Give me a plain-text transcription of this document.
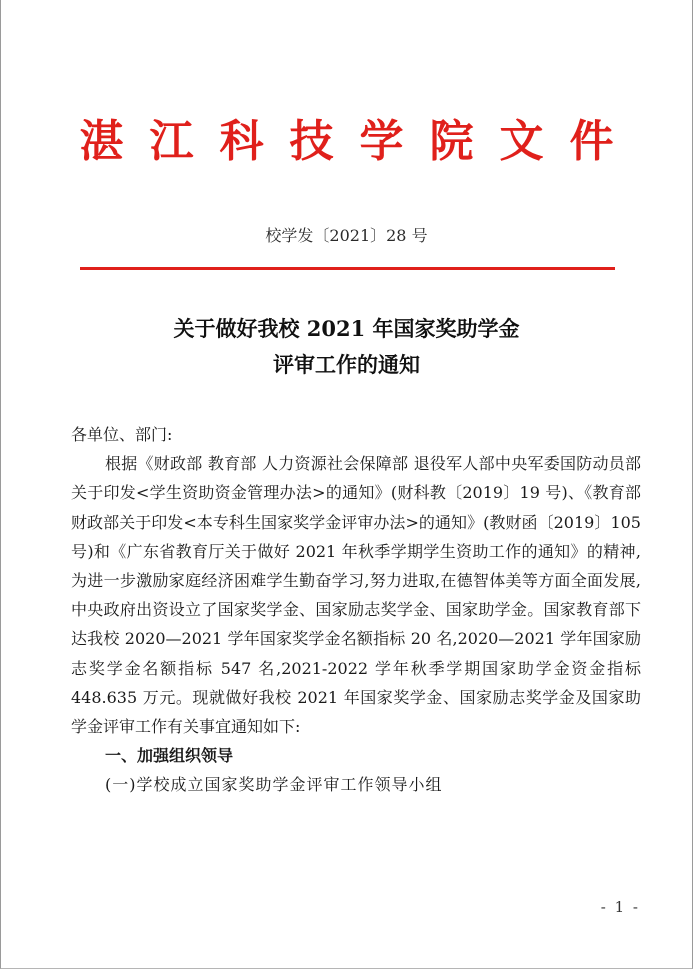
湛江科技学院文件
校学发〔2021〕28 号
关于做好我校 2021 年国家奖助学金
评审工作的通知

各单位、部门:

根据《财政部 教育部 人力资源社会保障部 退役军人部中央军委国防动员部关于印发<学生资助资金管理办法>的通知》(财科教〔2019〕19 号)、《教育部 财政部关于印发<本专科生国家奖学金评审办法>的通知》(教财函〔2019〕105 号)和《广东省教育厅关于做好 2021 年秋季学期学生资助工作的通知》的精神,为进一步激励家庭经济困难学生勤奋学习,努力进取,在德智体美等方面全面发展,中央政府出资设立了国家奖学金、国家励志奖学金、国家助学金。国家教育部下达我校 2020—2021 学年国家奖学金名额指标 20 名,2020—2021 学年国家励志奖学金名额指标 547 名,2021-2022 学年秋季学期国家助学金资金指标448.635 万元。现就做好我校 2021 年国家奖学金、国家励志奖学金及国家助学金评审工作有关事宜通知如下:

一、加强组织领导

(一)学校成立国家奖助学金评审工作领导小组

- 1 -
